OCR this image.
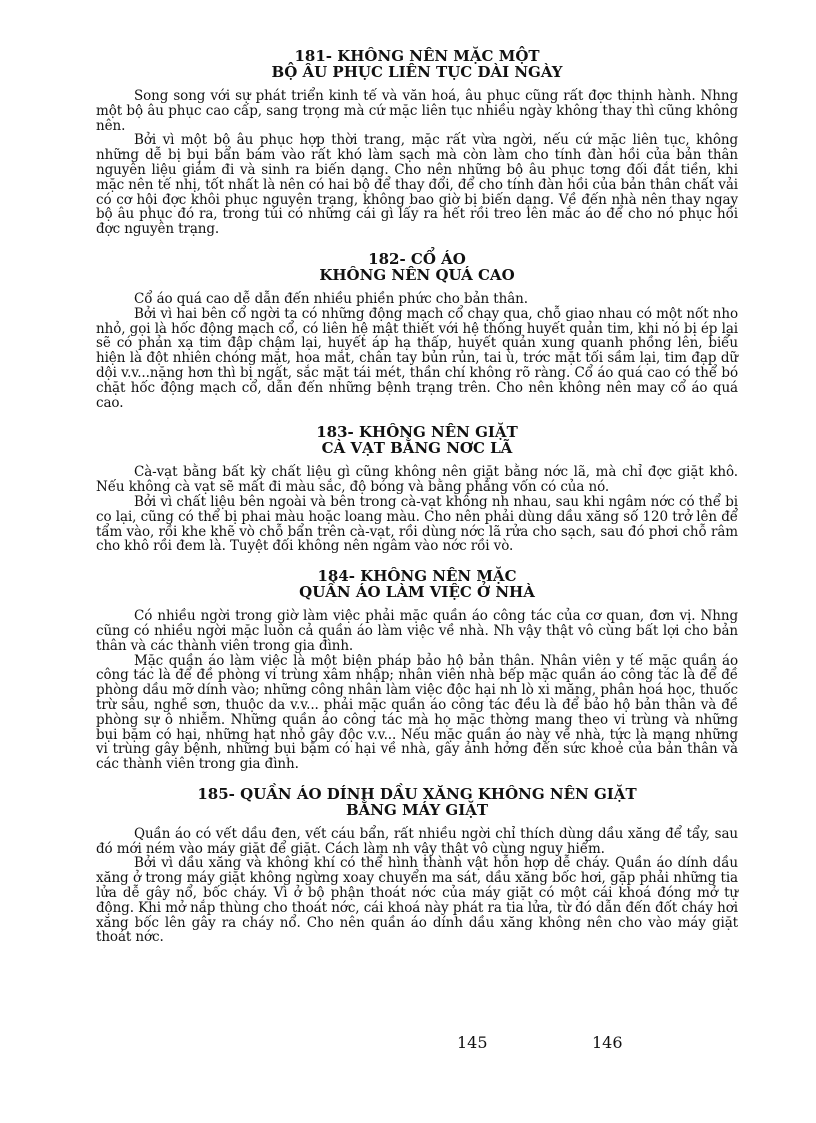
181- KHÔNG NÊN MẶC MỘT
BỘ ÂU PHỤC LIÊN TỤC DÀI NGÀY

Song song với sự phát triển kinh tế và văn hoá, âu phục cũng rất đợc thịnh hành. Nhng một bộ âu phục cao cấp, sang trọng mà cứ mặc liên tục nhiều ngày không thay thì cũng không nên.

Bởi vì một bộ âu phục hợp thời trang, mặc rất vừa ngời, nếu cứ mặc liên tục, không những dễ bị bụi bẩn bám vào rất khó làm sạch mà còn làm cho tính đàn hồi của bản thân nguyên liệu giảm đi và sinh ra biến dạng. Cho nên những bộ âu phục tơng đối đắt tiền, khi mặc nên tế nhị, tốt nhất là nên có hai bộ để thay đổi, để cho tính đàn hồi của bản thân chất vải có cơ hội đợc khôi phục nguyên trạng, không bao giờ bị biến dạng. Về đến nhà nên thay ngay bộ âu phục đó ra, trong túi có những cái gì lấy ra hết rồi treo lên mắc áo để cho nó phục hồi đợc nguyên trạng.

182- CỔ ÁO
KHÔNG NÊN QUÁ CAO

Cổ áo quá cao dễ dẫn đến nhiều phiền phức cho bản thân.

Bởi vì hai bên cổ ngời ta có những động mạch cổ chạy qua, chỗ giao nhau có một nốt nho nhỏ, gọi là hốc động mạch cổ, có liên hệ mật thiết với hệ thống huyết quản tim, khi nó bị ép lại sẽ có phản xạ tim đập chậm lại, huyết áp hạ thấp, huyết quản xung quanh phồng lên, biểu hiện là đột nhiên chóng mặt, hoa mắt, chân tay bủn rủn, tai ù, trớc mặt tối sầm lại, tim đạp dữ dội v.v...nặng hơn thì bị ngất, sắc mặt tái mét, thần chí không rõ ràng. Cổ áo quá cao có thể bó chặt hốc động mạch cổ, dẫn đến những bệnh trạng trên. Cho nên không nên may cổ áo quá cao.

183- KHÔNG NÊN GIẶT
CÀ VẠT BẰNG NƠC LÃ

Cà-vạt bằng bất kỳ chất liệu gì cũng không nên giặt bằng nớc lã, mà chỉ đợc giặt khô. Nếu không cà vạt sẽ mất đi màu sắc, độ bóng và bằng phẳng vốn có của nó.

Bởi vì chất liệu bên ngoài và bên trong cà-vạt không nh nhau, sau khi ngâm nớc có thể bị co lại, cũng có thể bị phai màu hoặc loang màu. Cho nên phải dùng dầu xăng số 120 trở lên để tẩm vào, rồi khe khẽ vò chỗ bẩn trên cà-vạt, rồi dùng nớc lã rửa cho sạch, sau đó phơi chỗ râm cho khô rồi đem là. Tuyệt đối không nên ngâm vào nớc rồi vò.

184- KHÔNG NÊN MẶC
QUẦN ÁO LÀM VIỆC Ở NHÀ

Có nhiều ngời trong giờ làm việc phải mặc quần áo công tác của cơ quan, đơn vị. Nhng cũng có nhiều ngời mặc luôn cả quần áo làm việc về nhà. Nh vậy thật vô cùng bất lợi cho bản thân và các thành viên trong gia đình.

Mặc quần áo làm việc là một biện pháp bảo hộ bản thân. Nhân viên y tế mặc quần áo công tác là để đề phòng vi trùng xâm nhập; nhân viên nhà bếp mặc quần áo công tác là để đề phòng dầu mỡ dính vào; những công nhân làm việc độc hại nh lò xi măng, phân hoá học, thuốc trừ sâu, nghề sơn, thuộc da v.v... phải mặc quần áo công tác đều là để bảo hộ bản thân và đề phòng sự ô nhiễm. Những quần áo công tác mà họ mặc thờng mang theo vi trùng và những bụi bặm có hại, những hạt nhỏ gây độc v.v... Nếu mặc quần áo này về nhà, tức là mang những vi trùng gây bệnh, những bụi bặm có hại về nhà, gây ảnh hởng đến sức khoẻ của bản thân và các thành viên trong gia đình.

185- QUẦN ÁO DÍNH DẦU XĂNG KHÔNG NÊN GIẶT
BẰNG MÁY GIẶT

Quần áo có vết dầu đen, vết cáu bẩn, rất nhiều ngời chỉ thích dùng dầu xăng để tẩy, sau đó mới ném vào máy giặt để giặt. Cách làm nh vậy thật vô cùng nguy hiểm.

Bởi vì dầu xăng và không khí có thể hình thành vật hỗn hợp dễ cháy. Quần áo dính dầu xăng ở trong máy giặt không ngừng xoay chuyển ma sát, dầu xăng bốc hơi, gặp phải những tia lửa dễ gây nổ, bốc cháy. Vì ở bộ phận thoát nớc của máy giặt có một cái khoá đóng mở tự động. Khi mở nắp thùng cho thoát nớc, cái khoá này phát ra tia lửa, từ đó dẫn đến đốt cháy hơi xăng bốc lên gây ra cháy nổ. Cho nên quần áo dính dầu xăng không nên cho vào máy giặt thoát nớc.

145	146
